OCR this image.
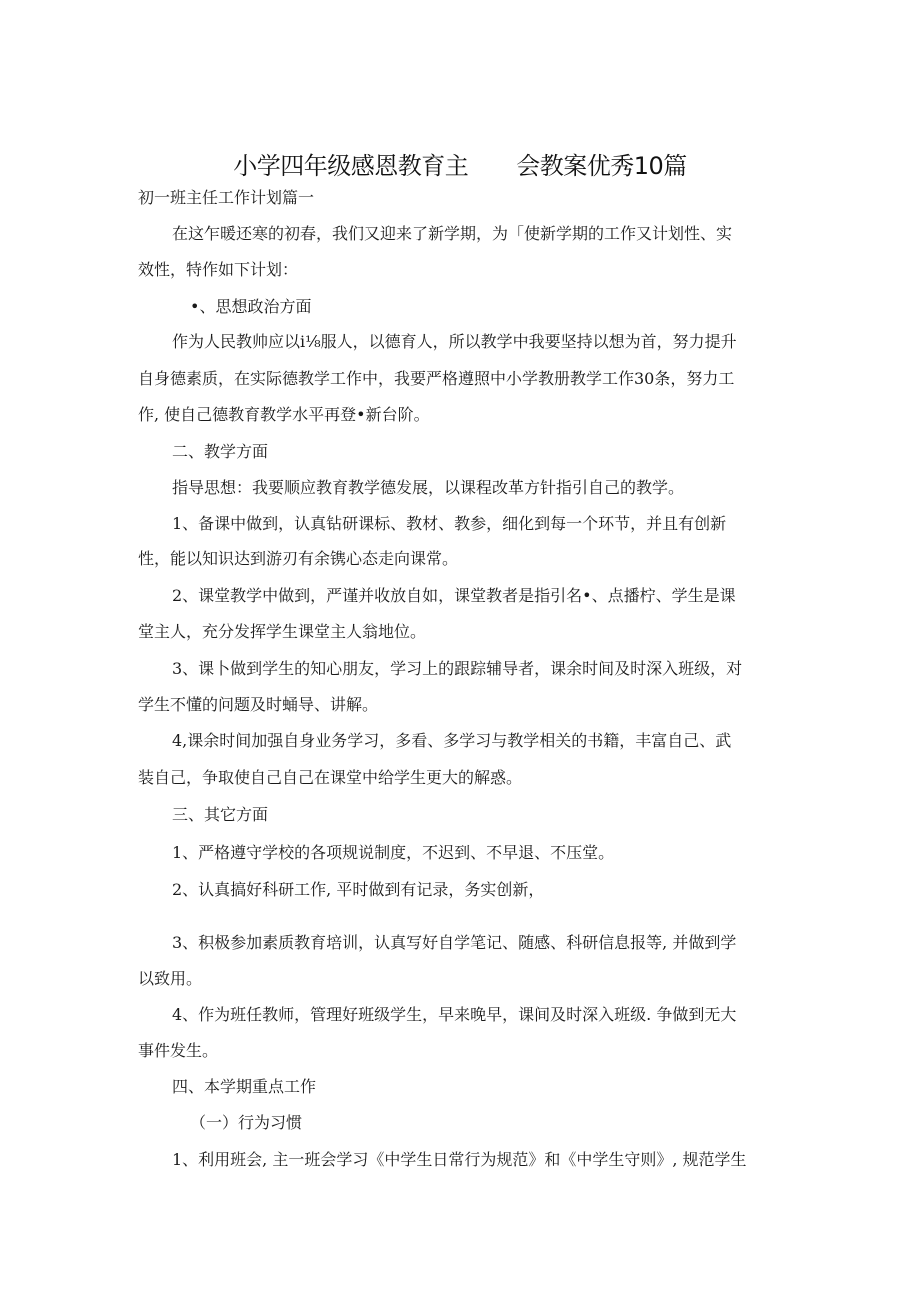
小学四年级感恩教育主 会教案优秀10篇
初一班主任工作计划篇一
在这乍暖还寒的初春，我们又迎来了新学期，为「使新学期的工作又计划性、实
效性，特作如下计划：
•、思想政治方面
作为人民教帅应以i⅛服人，以德育人，所以教学中我要坚持以想为首，努力提升
自身德素质，在实际德教学工作中，我要严格遵照中小学教册教学工作30条，努力工
作, 使自己德教育教学水平再登•新台阶。
二、教学方面
指导思想：我要顺应教育教学德发展，以课程改革方针指引自己的教学。
1、备课中做到，认真钻研课标、教材、教参，细化到每一个环节，并且有创新
性，能以知识达到游刃有余镌心态走向课常。
2、课堂教学中做到，严谨并收放自如，课堂教者是指引名•、点播柠、学生是课
堂主人，充分发挥学生课堂主人翁地位。
3、课卜做到学生的知心朋友，学习上的跟踪辅导者，课余时间及时深入班级，对
学生不懂的问题及时蛹导、讲解。
4,课余时间加强自身业务学习，多看、多学习与教学相关的书籍，丰富自己、武
装自己，争取使自己自己在课堂中给学生更大的解惑。
三、其它方面
1、严格遵守学校的各项规说制度，不迟到、不早退、不压堂。
2、认真搞好科研工作, 平时做到有记录，务实创新，
3、积极参加素质教育培训，认真写好自学笔记、随感、科研信息报等, 并做到学
以致用。
4、作为班任教师，管理好班级学生，早来晚早，课间及时深入班级. 争做到无大
事件发生。
四、本学期重点工作
（一）行为习惯
1、利用班会, 主一班会学习《中学生日常行为规范》和《中学生守则》, 规范学生
